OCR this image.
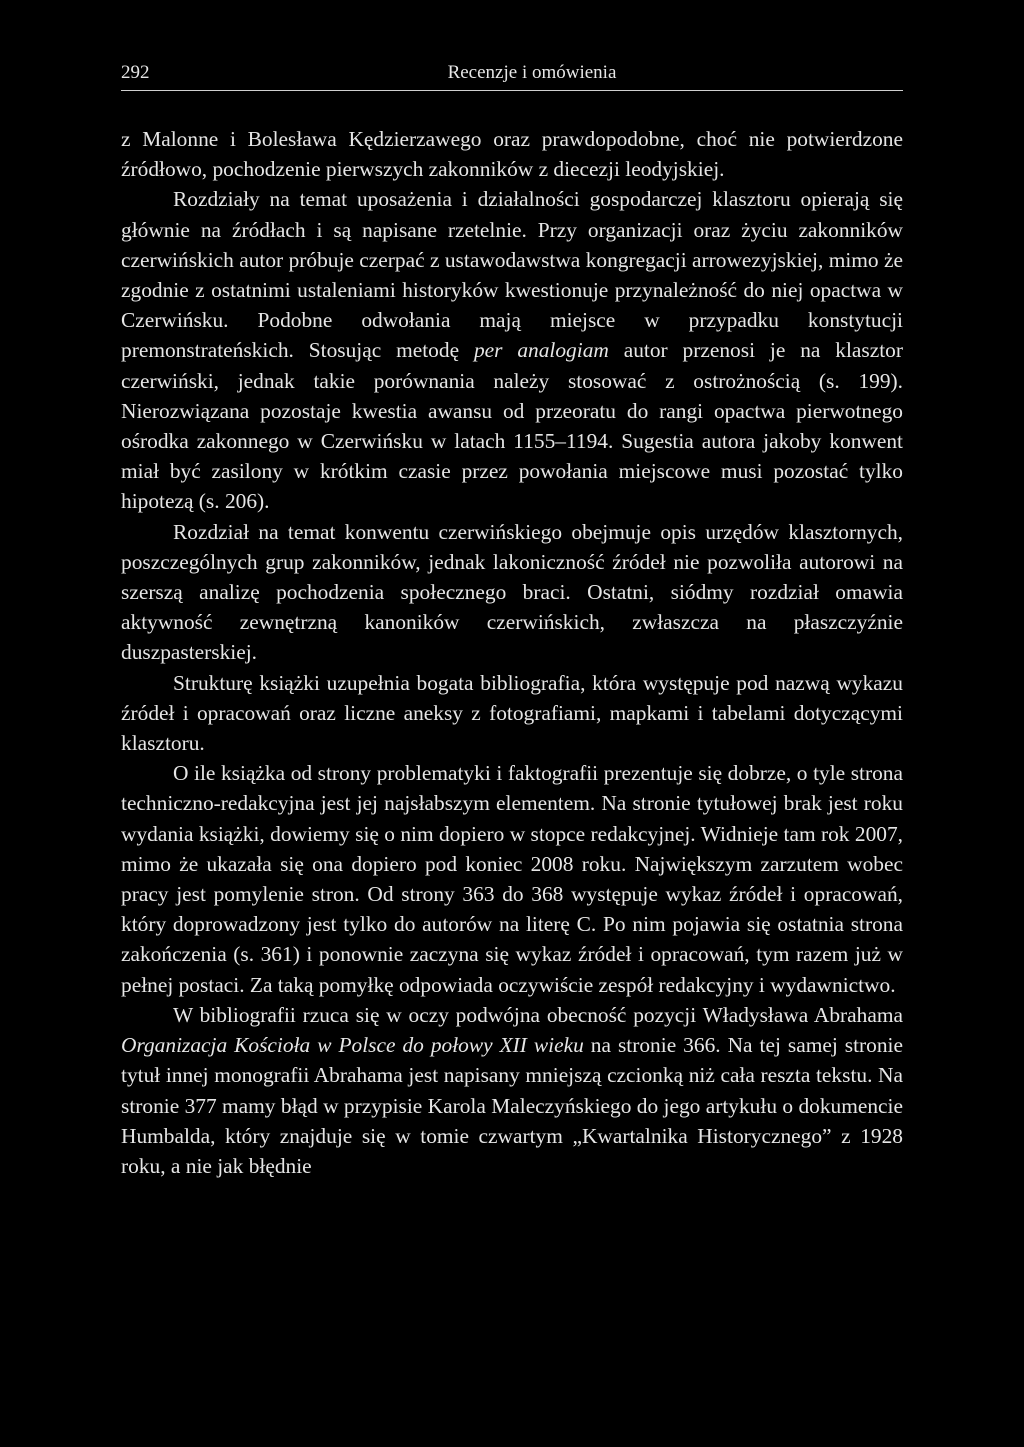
292	Recenzje i omówienia

z Malonne i Bolesława Kędzierzawego oraz prawdopodobne, choć nie potwierdzone źródłowo, pochodzenie pierwszych zakonników z diecezji leodyjskiej.

Rozdziały na temat uposażenia i działalności gospodarczej klasztoru opierają się głównie na źródłach i są napisane rzetelnie. Przy organizacji oraz życiu zakonników czerwińskich autor próbuje czerpać z ustawodawstwa kongregacji arrowezyjskiej, mimo że zgodnie z ostatnimi ustaleniami historyków kwestionuje przynależność do niej opactwa w Czerwińsku. Podobne odwołania mają miejsce w przypadku konstytucji premonstrateńskich. Stosując metodę per analogiam autor przenosi je na klasztor czerwiński, jednak takie porównania należy stosować z ostrożnością (s. 199). Nierozwiązana pozostaje kwestia awansu od przeoratu do rangi opactwa pierwotnego ośrodka zakonnego w Czerwińsku w latach 1155–1194. Sugestia autora jakoby konwent miał być zasilony w krótkim czasie przez powołania miejscowe musi pozostać tylko hipotezą (s. 206).

Rozdział na temat konwentu czerwińskiego obejmuje opis urzędów klasztornych, poszczególnych grup zakonników, jednak lakoniczność źródeł nie pozwoliła autorowi na szerszą analizę pochodzenia społecznego braci. Ostatni, siódmy rozdział omawia aktywność zewnętrzną kanoników czerwińskich, zwłaszcza na płaszczyźnie duszpasterskiej.

Strukturę książki uzupełnia bogata bibliografia, która występuje pod nazwą wykazu źródeł i opracowań oraz liczne aneksy z fotografiami, mapkami i tabelami dotyczącymi klasztoru.

O ile książka od strony problematyki i faktografii prezentuje się dobrze, o tyle strona techniczno-redakcyjna jest jej najsłabszym elementem. Na stronie tytułowej brak jest roku wydania książki, dowiemy się o nim dopiero w stopce redakcyjnej. Widnieje tam rok 2007, mimo że ukazała się ona dopiero pod koniec 2008 roku. Największym zarzutem wobec pracy jest pomylenie stron. Od strony 363 do 368 występuje wykaz źródeł i opracowań, który doprowadzony jest tylko do autorów na literę C. Po nim pojawia się ostatnia strona zakończenia (s. 361) i ponownie zaczyna się wykaz źródeł i opracowań, tym razem już w pełnej postaci. Za taką pomyłkę odpowiada oczywiście zespół redakcyjny i wydawnictwo.

W bibliografii rzuca się w oczy podwójna obecność pozycji Władysława Abrahama Organizacja Kościoła w Polsce do połowy XII wieku na stronie 366. Na tej samej stronie tytuł innej monografii Abrahama jest napisany mniejszą czcionką niż cała reszta tekstu. Na stronie 377 mamy błąd w przypisie Karola Maleczyńskiego do jego artykułu o dokumencie Humbalda, który znajduje się w tomie czwartym „Kwartalnika Historycznego” z 1928 roku, a nie jak błędnie
